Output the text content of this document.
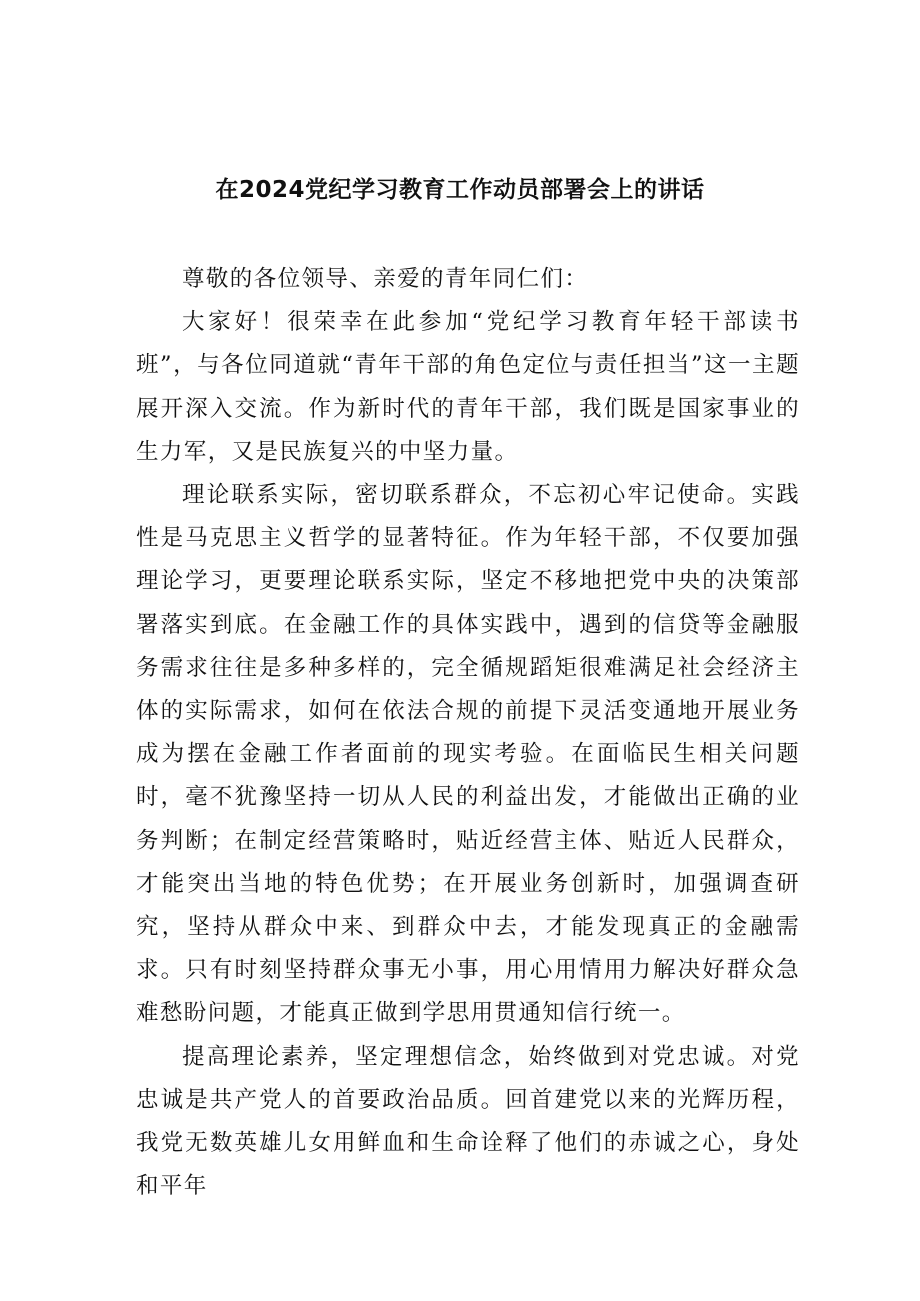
在2024党纪学习教育工作动员部署会上的讲话

尊敬的各位领导、亲爱的青年同仁们：

大家好！很荣幸在此参加“党纪学习教育年轻干部读书班”，与各位同道就“青年干部的角色定位与责任担当”这一主题展开深入交流。作为新时代的青年干部，我们既是国家事业的生力军，又是民族复兴的中坚力量。

理论联系实际，密切联系群众，不忘初心牢记使命。实践性是马克思主义哲学的显著特征。作为年轻干部，不仅要加强理论学习，更要理论联系实际，坚定不移地把党中央的决策部署落实到底。在金融工作的具体实践中，遇到的信贷等金融服务需求往往是多种多样的，完全循规蹈矩很难满足社会经济主体的实际需求，如何在依法合规的前提下灵活变通地开展业务成为摆在金融工作者面前的现实考验。在面临民生相关问题时，毫不犹豫坚持一切从人民的利益出发，才能做出正确的业务判断；在制定经营策略时，贴近经营主体、贴近人民群众，才能突出当地的特色优势；在开展业务创新时，加强调查研究，坚持从群众中来、到群众中去，才能发现真正的金融需求。只有时刻坚持群众事无小事，用心用情用力解决好群众急难愁盼问题，才能真正做到学思用贯通知信行统一。

提高理论素养，坚定理想信念，始终做到对党忠诚。对党忠诚是共产党人的首要政治品质。回首建党以来的光辉历程，我党无数英雄儿女用鲜血和生命诠释了他们的赤诚之心，身处和平年
